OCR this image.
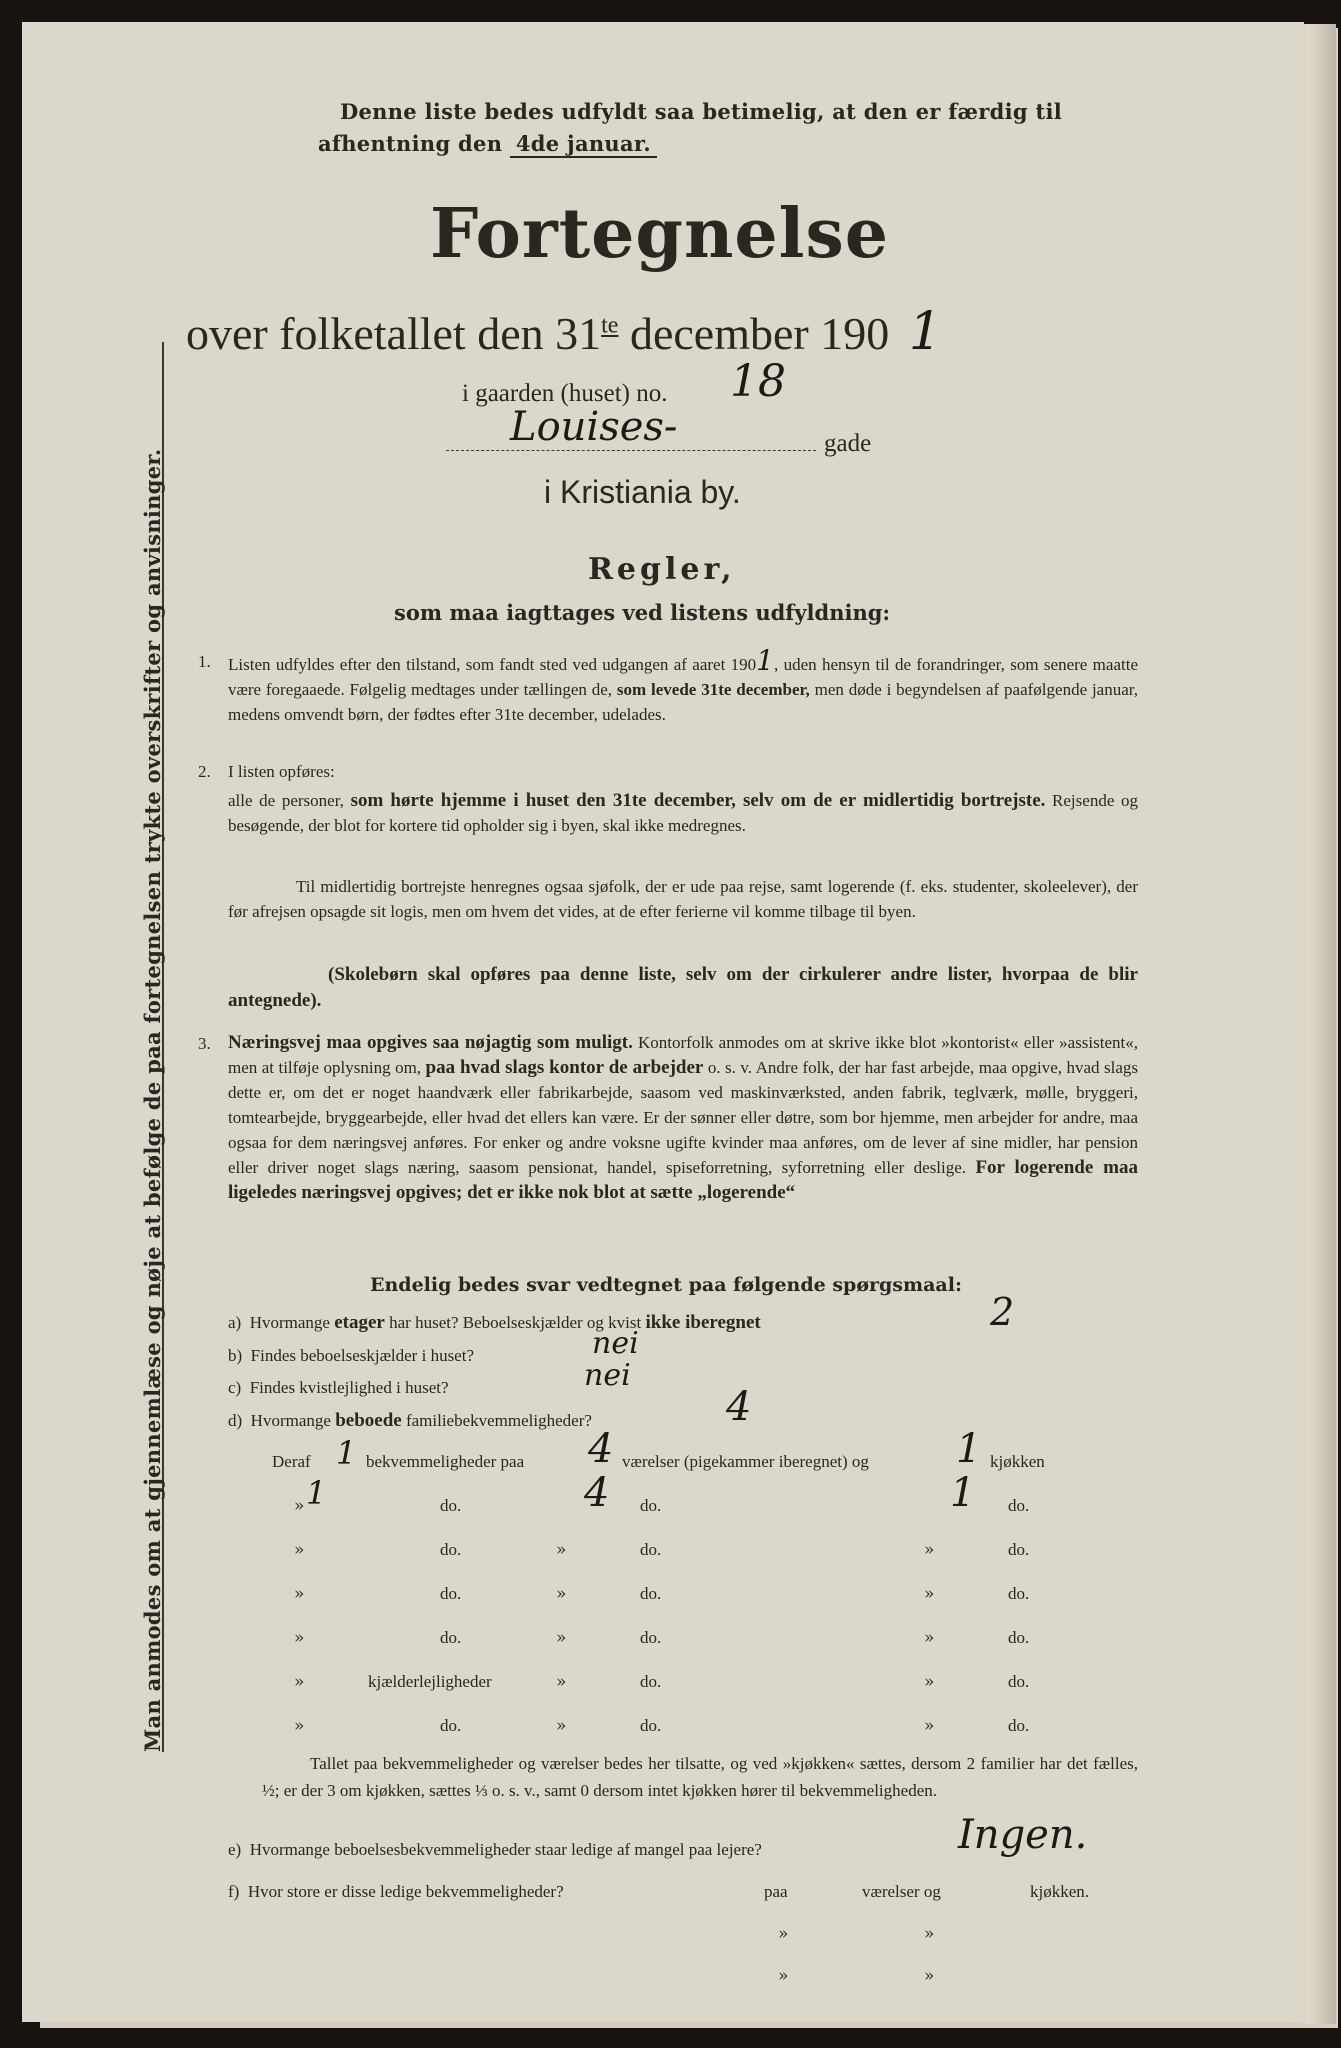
Denne liste bedes udfyldt saa betimelig, at den er færdig til
afhentning den 4de januar.
Fortegnelse
over folketallet den $31^{te}$ december 190 1
i gaarden (huset) no. 18
Louises-	gade
i Kristiania by.
Man anmodes om at gjennemlæse og nøje at befølge de paa fortegnelsen trykte overskrifter og anvisninger.	Regler,
som maa iagttages ved listens udfyldning:
1. Listen udfyldes efter den tilstand, som fandt sted ved udgangen af aaret 1901, uden hensyn til de forandringer, som senere maatte være foregaaede. Følgelig medtages under tællingen de, som levede 31te december, men døde i begyndelsen af paafølgende januar, medens omvendt børn, der fødtes efter 31te december, udelades.
2. I listen opføres:
alle de personer, som hørte hjemme i huset den 31te december, selv om de er midlertidig bortrejste. Rejsende og besøgende, der blot for kortere tid opholder sig i byen, skal ikke medregnes.
Til midlertidig bortrejste henregnes ogsaa sjøfolk, der er ude paa rejse, samt logerende (f. eks. studenter, skoleelever), der før afrejsen opsagde sit logis, men om hvem det vides, at de efter ferierne vil komme tilbage til byen.
(Skolebørn skal opføres paa denne liste, selv om der cirkulerer andre lister, hvorpaa de blir antegnede).
3. Næringsvej maa opgives saa nøjagtig som muligt. Kontorfolk anmodes om at skrive ikke blot »kontorist« eller »assistent«, men at tilføje oplysning om, paa hvad slags kontor de arbejder o. s. v. Andre folk, der har fast arbejde, maa opgive, hvad slags dette er, om det er noget haandværk eller fabrikarbejde, saasom ved maskinværksted, anden fabrik, teglværk, mølle, bryggeri, tomtearbejde, bryggearbejde, eller hvad det ellers kan være. Er der sønner eller døtre, som bor hjemme, men arbejder for andre, maa ogsaa for dem næringsvej anføres. For enker og andre voksne ugifte kvinder maa anføres, om de lever af sine midler, har pension eller driver noget slags næring, saasom pensionat, handel, spiseforretning, syforretning eller deslige. For logerende maa ligeledes næringsvej opgives; det er ikke nok blot at sætte „logerende“
Endelig bedes svar vedtegnet paa følgende spørgsmaal:
a) Hvormange etager har huset? Beboelseskjælder og kvist ikke iberegnet	2
b) Findes beboelseskjælder i huset?	nei
c) Findes kvistlejlighed i huset?	nei
d) Hvormange beboede familiebekvemmeligheder?	4
Deraf 1 bekvemmeligheder paa 4 værelser (pigekammer iberegnet) og 1 kjøkken
» 1	do.	4 do.	1 do.
»	do.	»	do.	»	do.
»	do.	»	do.	»	do.
»	do.	»	do.	»	do.
»	kjælderlejligheder	»	do.	»	do.
»	do.	»	do.	»	do.
Tallet paa bekvemmeligheder og værelser bedes her tilsatte, og ved »kjøkken« sættes, dersom 2 familier har det fælles, ½; er der 3 om kjøkken, sættes ⅓ o. s. v., samt 0 dersom intet kjøkken hører til bekvemmeligheden.
e) Hvormange beboelsesbekvemmeligheder staar ledige af mangel paa lejere?	Ingen.
f) Hvor store er disse ledige bekvemmeligheder?	paa	værelser og	kjøkken.
»	»
»	»
